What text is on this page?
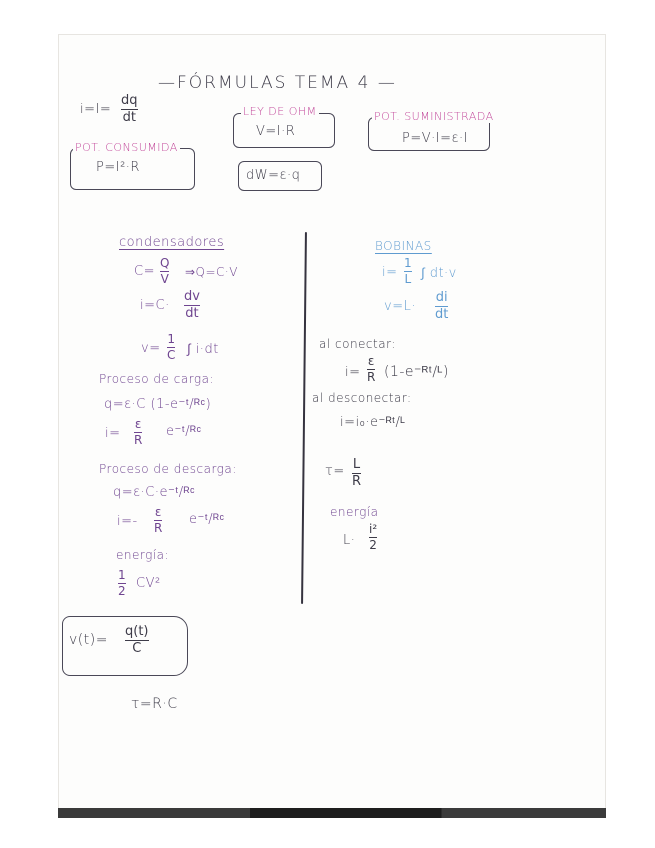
—FÓRMULAS TEMA 4 —
i=I=
dq
dt	LEY DE OHM
V=I·R
POT. SUMINISTRADA
P=V·I=ε·I
POT. CONSUMIDA
P=I²·R
dW=ε·q
condensadores
C=
Q
V ⇒Q=C·V
i=C·
dv
dt
v=
1
C ∫ i·dt
Proceso de carga:
q=ε·C (1-e⁻ᵗ/ᴿᶜ)
i=
ε
R
e⁻ᵗ/ᴿᶜ
Proceso de descarga:
q=ε·C·e⁻ᵗ/ᴿᶜ
i=-
ε
R
e⁻ᵗ/ᴿᶜ
energía:
1
2 CV²
BOBINAS
i=
1
L ∫ dt·v
v=L·
di
dt
al conectar:
i=
ε
R (1-e⁻ᴿᵗ/ᴸ)
al desconectar:
i=i₀·e⁻ᴿᵗ/ᴸ
τ= L
R
energía
L·
i²
2
v(t)=
q(t)
C
τ=R·C
